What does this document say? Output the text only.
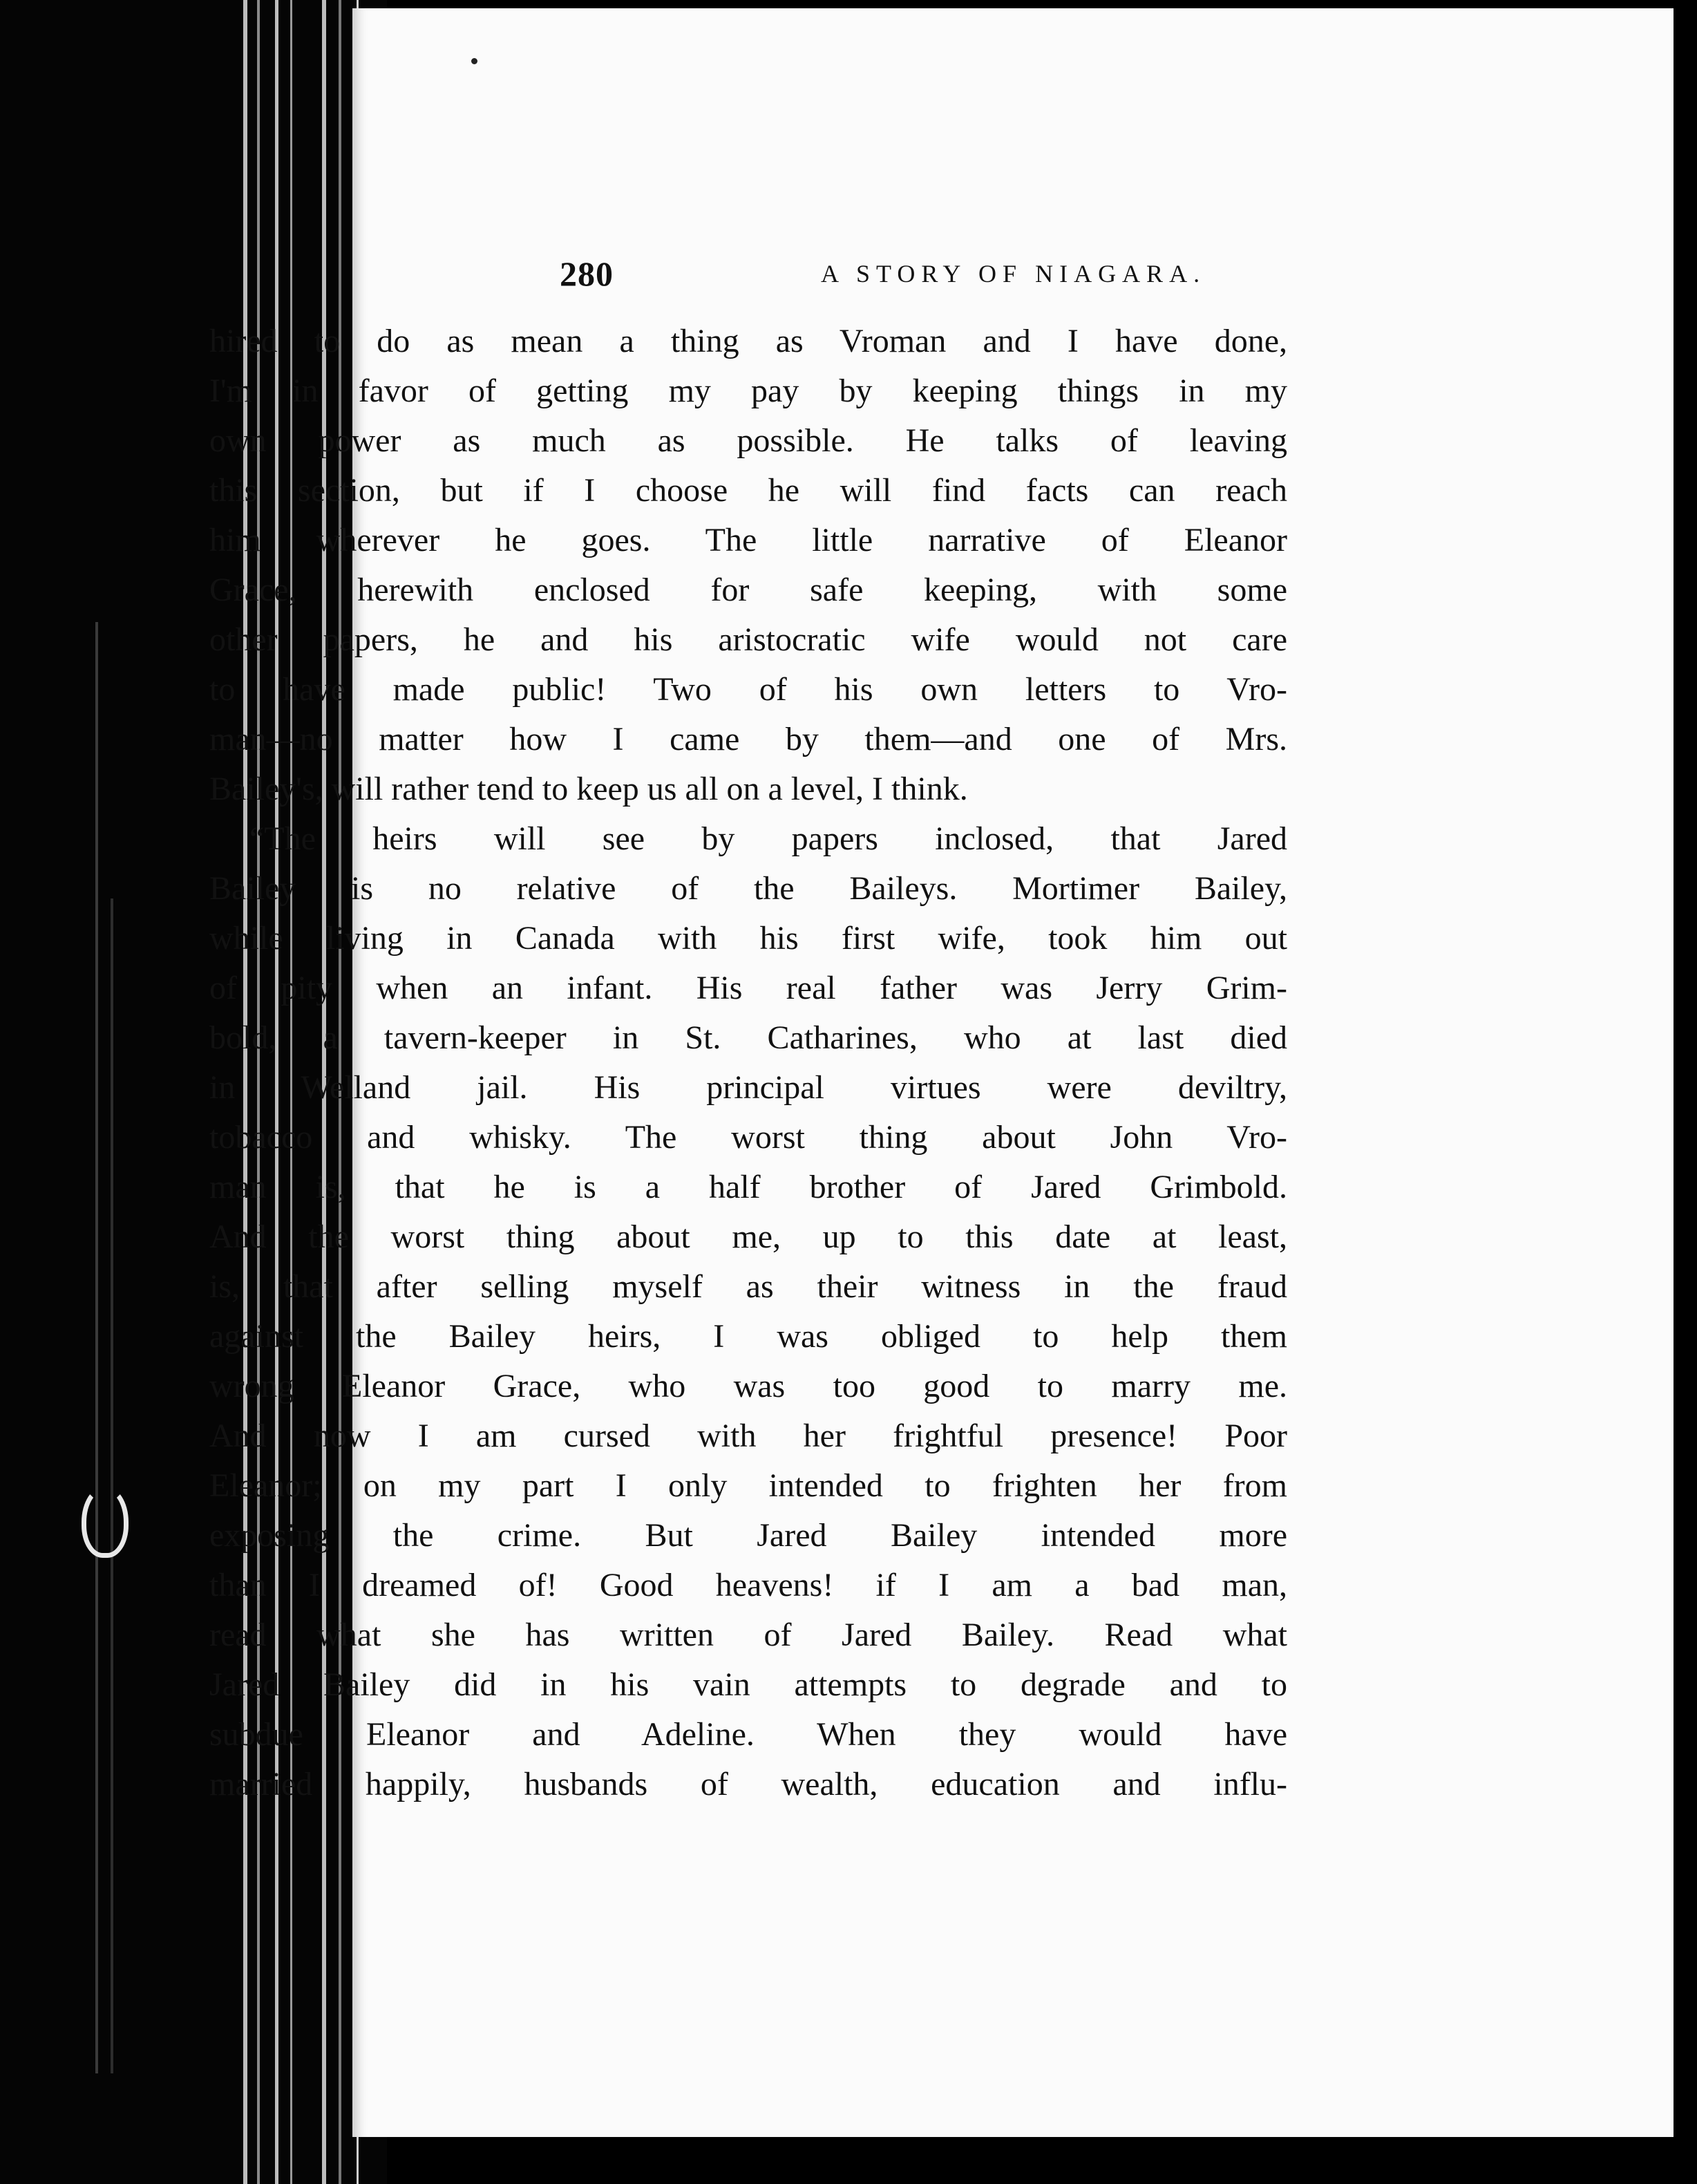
280	A STORY OF NIAGARA.
hired to do as mean a thing as Vroman and I have done,
I'm in favor of getting my pay by keeping things in my
own power as much as possible. He talks of leaving
this section, but if I choose he will find facts can reach
him wherever he goes. The little narrative of Eleanor
Grace, herewith enclosed for safe keeping, with some
other papers, he and his aristocratic wife would not care
to have made public! Two of his own letters to Vro-
man—no matter how I came by them—and one of Mrs.
Bailey's, will rather tend to keep us all on a level, I think.
“The heirs will see by papers inclosed, that Jared
Bailey is no relative of the Baileys. Mortimer Bailey,
while living in Canada with his first wife, took him out
of pity when an infant. His real father was Jerry Grim-
bold, a tavern-keeper in St. Catharines, who at last died
in Welland jail. His principal virtues were deviltry,
tobacco and whisky. The worst thing about John Vro-
man is, that he is a half brother of Jared Grimbold.
And the worst thing about me, up to this date at least,
is, that after selling myself as their witness in the fraud
against the Bailey heirs, I was obliged to help them
wrong Eleanor Grace, who was too good to marry me.
And now I am cursed with her frightful presence! Poor
Eleanor; on my part I only intended to frighten her from
exposing the crime. But Jared Bailey intended more
than I dreamed of! Good heavens! if I am a bad man,
read what she has written of Jared Bailey. Read what
Jared Bailey did in his vain attempts to degrade and to
subdue Eleanor and Adeline. When they would have
married happily, husbands of wealth, education and influ-
